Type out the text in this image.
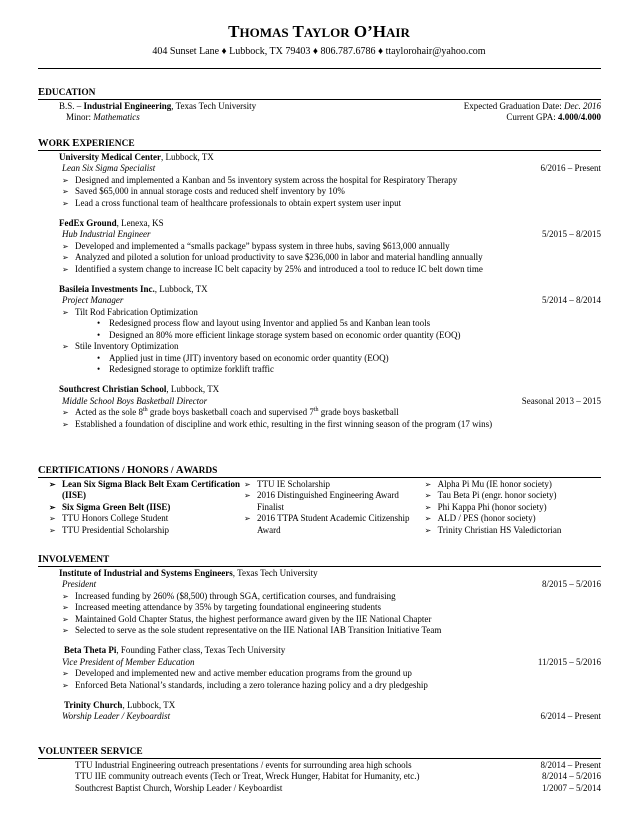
THOMAS TAYLOR O’HAIR
404 Sunset Lane ♦ Lubbock, TX 79403 ♦ 806.787.6786 ♦ ttaylorohair@yahoo.com
EDUCATION
B.S. – Industrial Engineering, Texas Tech University	Expected Graduation Date: Dec. 2016
Minor: Mathematics	Current GPA: 4.000/4.000
WORK EXPERIENCE
University Medical Center, Lubbock, TX
Lean Six Sigma Specialist	6/2016 – Present
➢ Designed and implemented a Kanban and 5s inventory system across the hospital for Respiratory Therapy
➢ Saved $65,000 in annual storage costs and reduced shelf inventory by 10%
➢ Lead a cross functional team of healthcare professionals to obtain expert system user input
FedEx Ground, Lenexa, KS
Hub Industrial Engineer	5/2015 – 8/2015
➢ Developed and implemented a “smalls package” bypass system in three hubs, saving $613,000 annually
➢ Analyzed and piloted a solution for unload productivity to save $236,000 in labor and material handling annually
➢ Identified a system change to increase IC belt capacity by 25% and introduced a tool to reduce IC belt down time
Basileia Investments Inc., Lubbock, TX
Project Manager	5/2014 – 8/2014
➢ Tilt Rod Fabrication Optimization
• Redesigned process flow and layout using Inventor and applied 5s and Kanban lean tools
• Designed an 80% more efficient linkage storage system based on economic order quantity (EOQ)
➢ Stile Inventory Optimization
• Applied just in time (JIT) inventory based on economic order quantity (EOQ)
• Redesigned storage to optimize forklift traffic
Southcrest Christian School, Lubbock, TX
Middle School Boys Basketball Director	Seasonal 2013 – 2015
➢ Acted as the sole 8th grade boys basketball coach and supervised 7th grade boys basketball
➢ Established a foundation of discipline and work ethic, resulting in the first winning season of the program (17 wins)
CERTIFICATIONS / HONORS / AWARDS
➢ Lean Six Sigma Black Belt Exam Certification (IISE)
➢ Six Sigma Green Belt (IISE)
➢ TTU Honors College Student
➢ TTU Presidential Scholarship
➢ TTU IE Scholarship
➢ 2016 Distinguished Engineering Award Finalist
➢ 2016 TTPA Student Academic Citizenship Award
➢ Alpha Pi Mu (IE honor society)
➢ Tau Beta Pi (engr. honor society)
➢ Phi Kappa Phi (honor society)
➢ ALD / PES (honor society)
➢ Trinity Christian HS Valedictorian
INVOLVEMENT
Institute of Industrial and Systems Engineers, Texas Tech University
President	8/2015 – 5/2016
➢ Increased funding by 260% ($8,500) through SGA, certification courses, and fundraising
➢ Increased meeting attendance by 35% by targeting foundational engineering students
➢ Maintained Gold Chapter Status, the highest performance award given by the IIE National Chapter
➢ Selected to serve as the sole student representative on the IIE National IAB Transition Initiative Team
Beta Theta Pi, Founding Father class, Texas Tech University
Vice President of Member Education	11/2015 – 5/2016
➢ Developed and implemented new and active member education programs from the ground up
➢ Enforced Beta National’s standards, including a zero tolerance hazing policy and a dry pledgeship
Trinity Church, Lubbock, TX
Worship Leader / Keyboardist	6/2014 – Present
VOLUNTEER SERVICE
TTU Industrial Engineering outreach presentations / events for surrounding area high schools	8/2014 – Present
TTU IIE community outreach events (Tech or Treat, Wreck Hunger, Habitat for Humanity, etc.)	8/2014 – 5/2016
Southcrest Baptist Church, Worship Leader / Keyboardist	1/2007 – 5/2014
